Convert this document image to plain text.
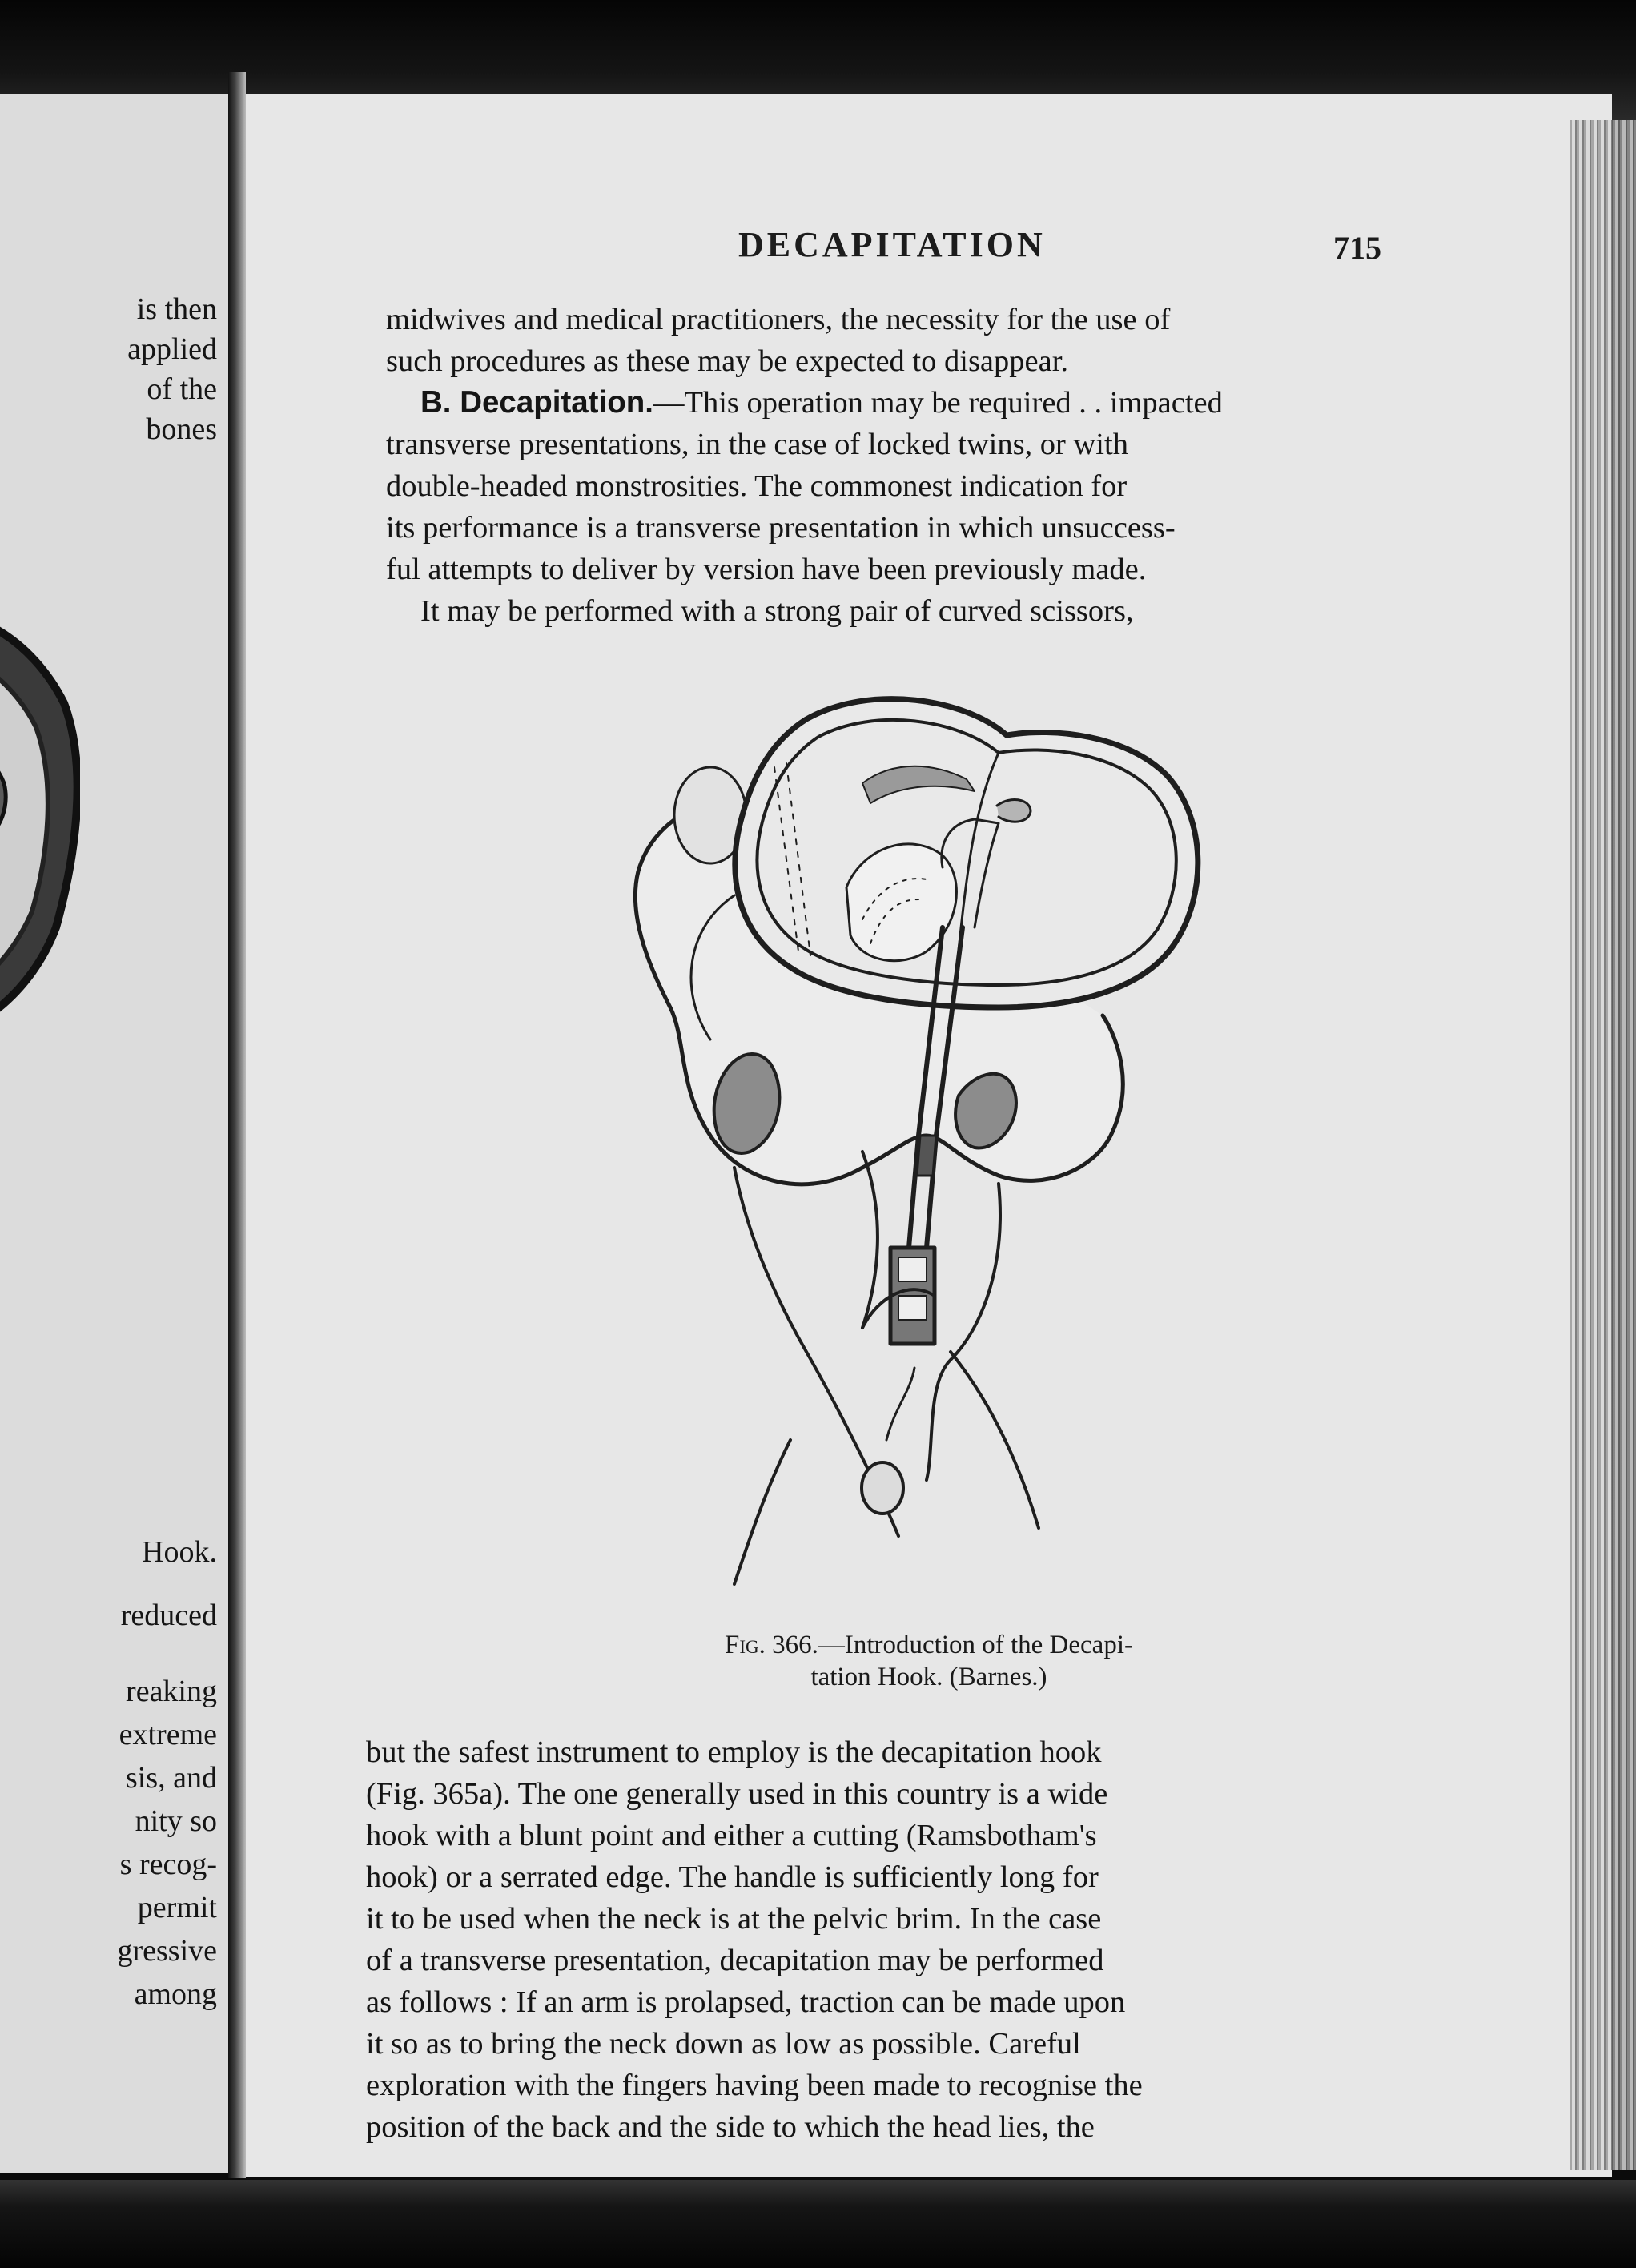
is then
applied
of the
bones
Hook.
reduced
reaking
extreme
sis, and
nity so
s recog-
permit
gressive
among
DECAPITATION	715
midwives and medical practitioners, the necessity for the use of
such procedures as these may be expected to disappear.
B. Decapitation.—This operation may be required . . impacted
transverse presentations, in the case of locked twins, or with
double-headed monstrosities. The commonest indication for
its performance is a transverse presentation in which unsuccess-
ful attempts to deliver by version have been previously made.
It may be performed with a strong pair of curved scissors,
Fig. 366.—Introduction of the Decapi-
tation Hook. (Barnes.)
but the safest instrument to employ is the decapitation hook
(Fig. 365a). The one generally used in this country is a wide
hook with a blunt point and either a cutting (Ramsbotham's
hook) or a serrated edge. The handle is sufficiently long for
it to be used when the neck is at the pelvic brim. In the case
of a transverse presentation, decapitation may be performed
as follows : If an arm is prolapsed, traction can be made upon
it so as to bring the neck down as low as possible. Careful
exploration with the fingers having been made to recognise the
position of the back and the side to which the head lies, the
